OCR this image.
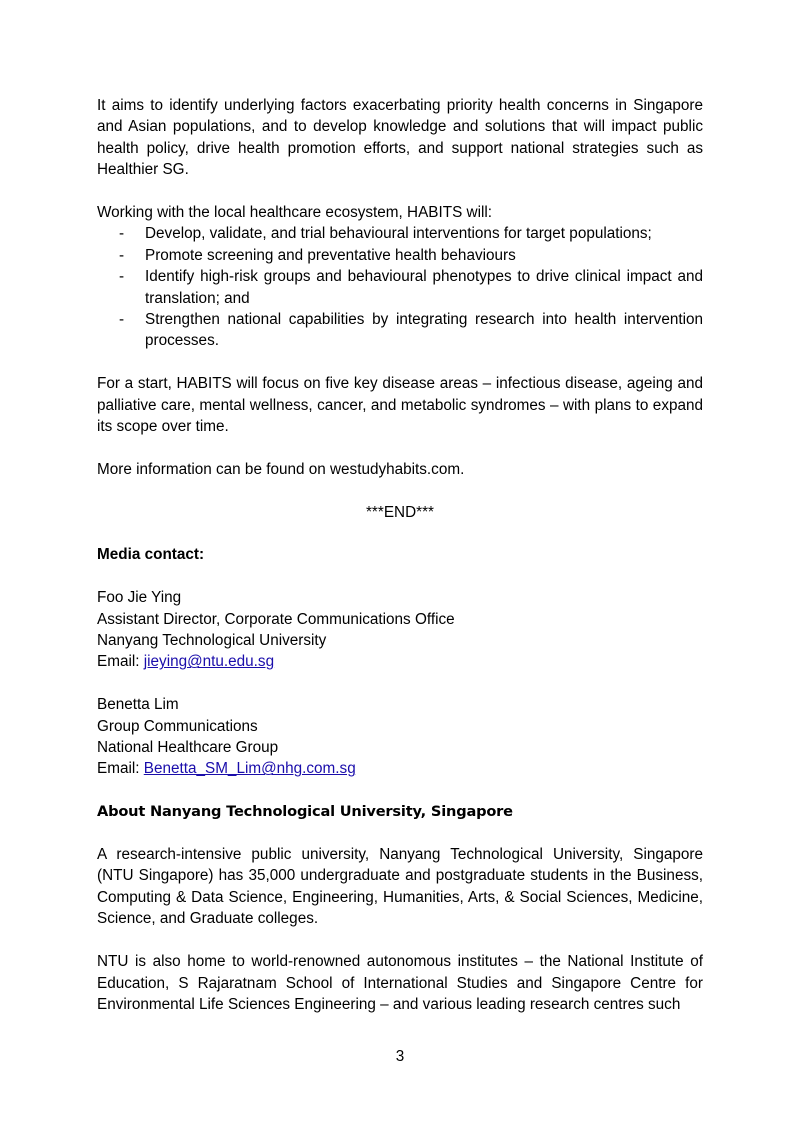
It aims to identify underlying factors exacerbating priority health concerns in Singapore and Asian populations, and to develop knowledge and solutions that will impact public health policy, drive health promotion efforts, and support national strategies such as Healthier SG.

Working with the local healthcare ecosystem, HABITS will:

- Develop, validate, and trial behavioural interventions for target populations;
- Promote screening and preventative health behaviours
- Identify high-risk groups and behavioural phenotypes to drive clinical impact and translation; and
- Strengthen national capabilities by integrating research into health intervention processes.

For a start, HABITS will focus on five key disease areas – infectious disease, ageing and palliative care, mental wellness, cancer, and metabolic syndromes – with plans to expand its scope over time.

More information can be found on westudyhabits.com.

***END***

Media contact:

Foo Jie Ying

Assistant Director, Corporate Communications Office

Nanyang Technological University

Email: jieying@ntu.edu.sg

Benetta Lim

Group Communications

National Healthcare Group

Email: Benetta_SM_Lim@nhg.com.sg

About Nanyang Technological University, Singapore

A research-intensive public university, Nanyang Technological University, Singapore (NTU Singapore) has 35,000 undergraduate and postgraduate students in the Business, Computing & Data Science, Engineering, Humanities, Arts, & Social Sciences, Medicine, Science, and Graduate colleges.

NTU is also home to world-renowned autonomous institutes – the National Institute of Education, S Rajaratnam School of International Studies and Singapore Centre for Environmental Life Sciences Engineering – and various leading research centres such

3
